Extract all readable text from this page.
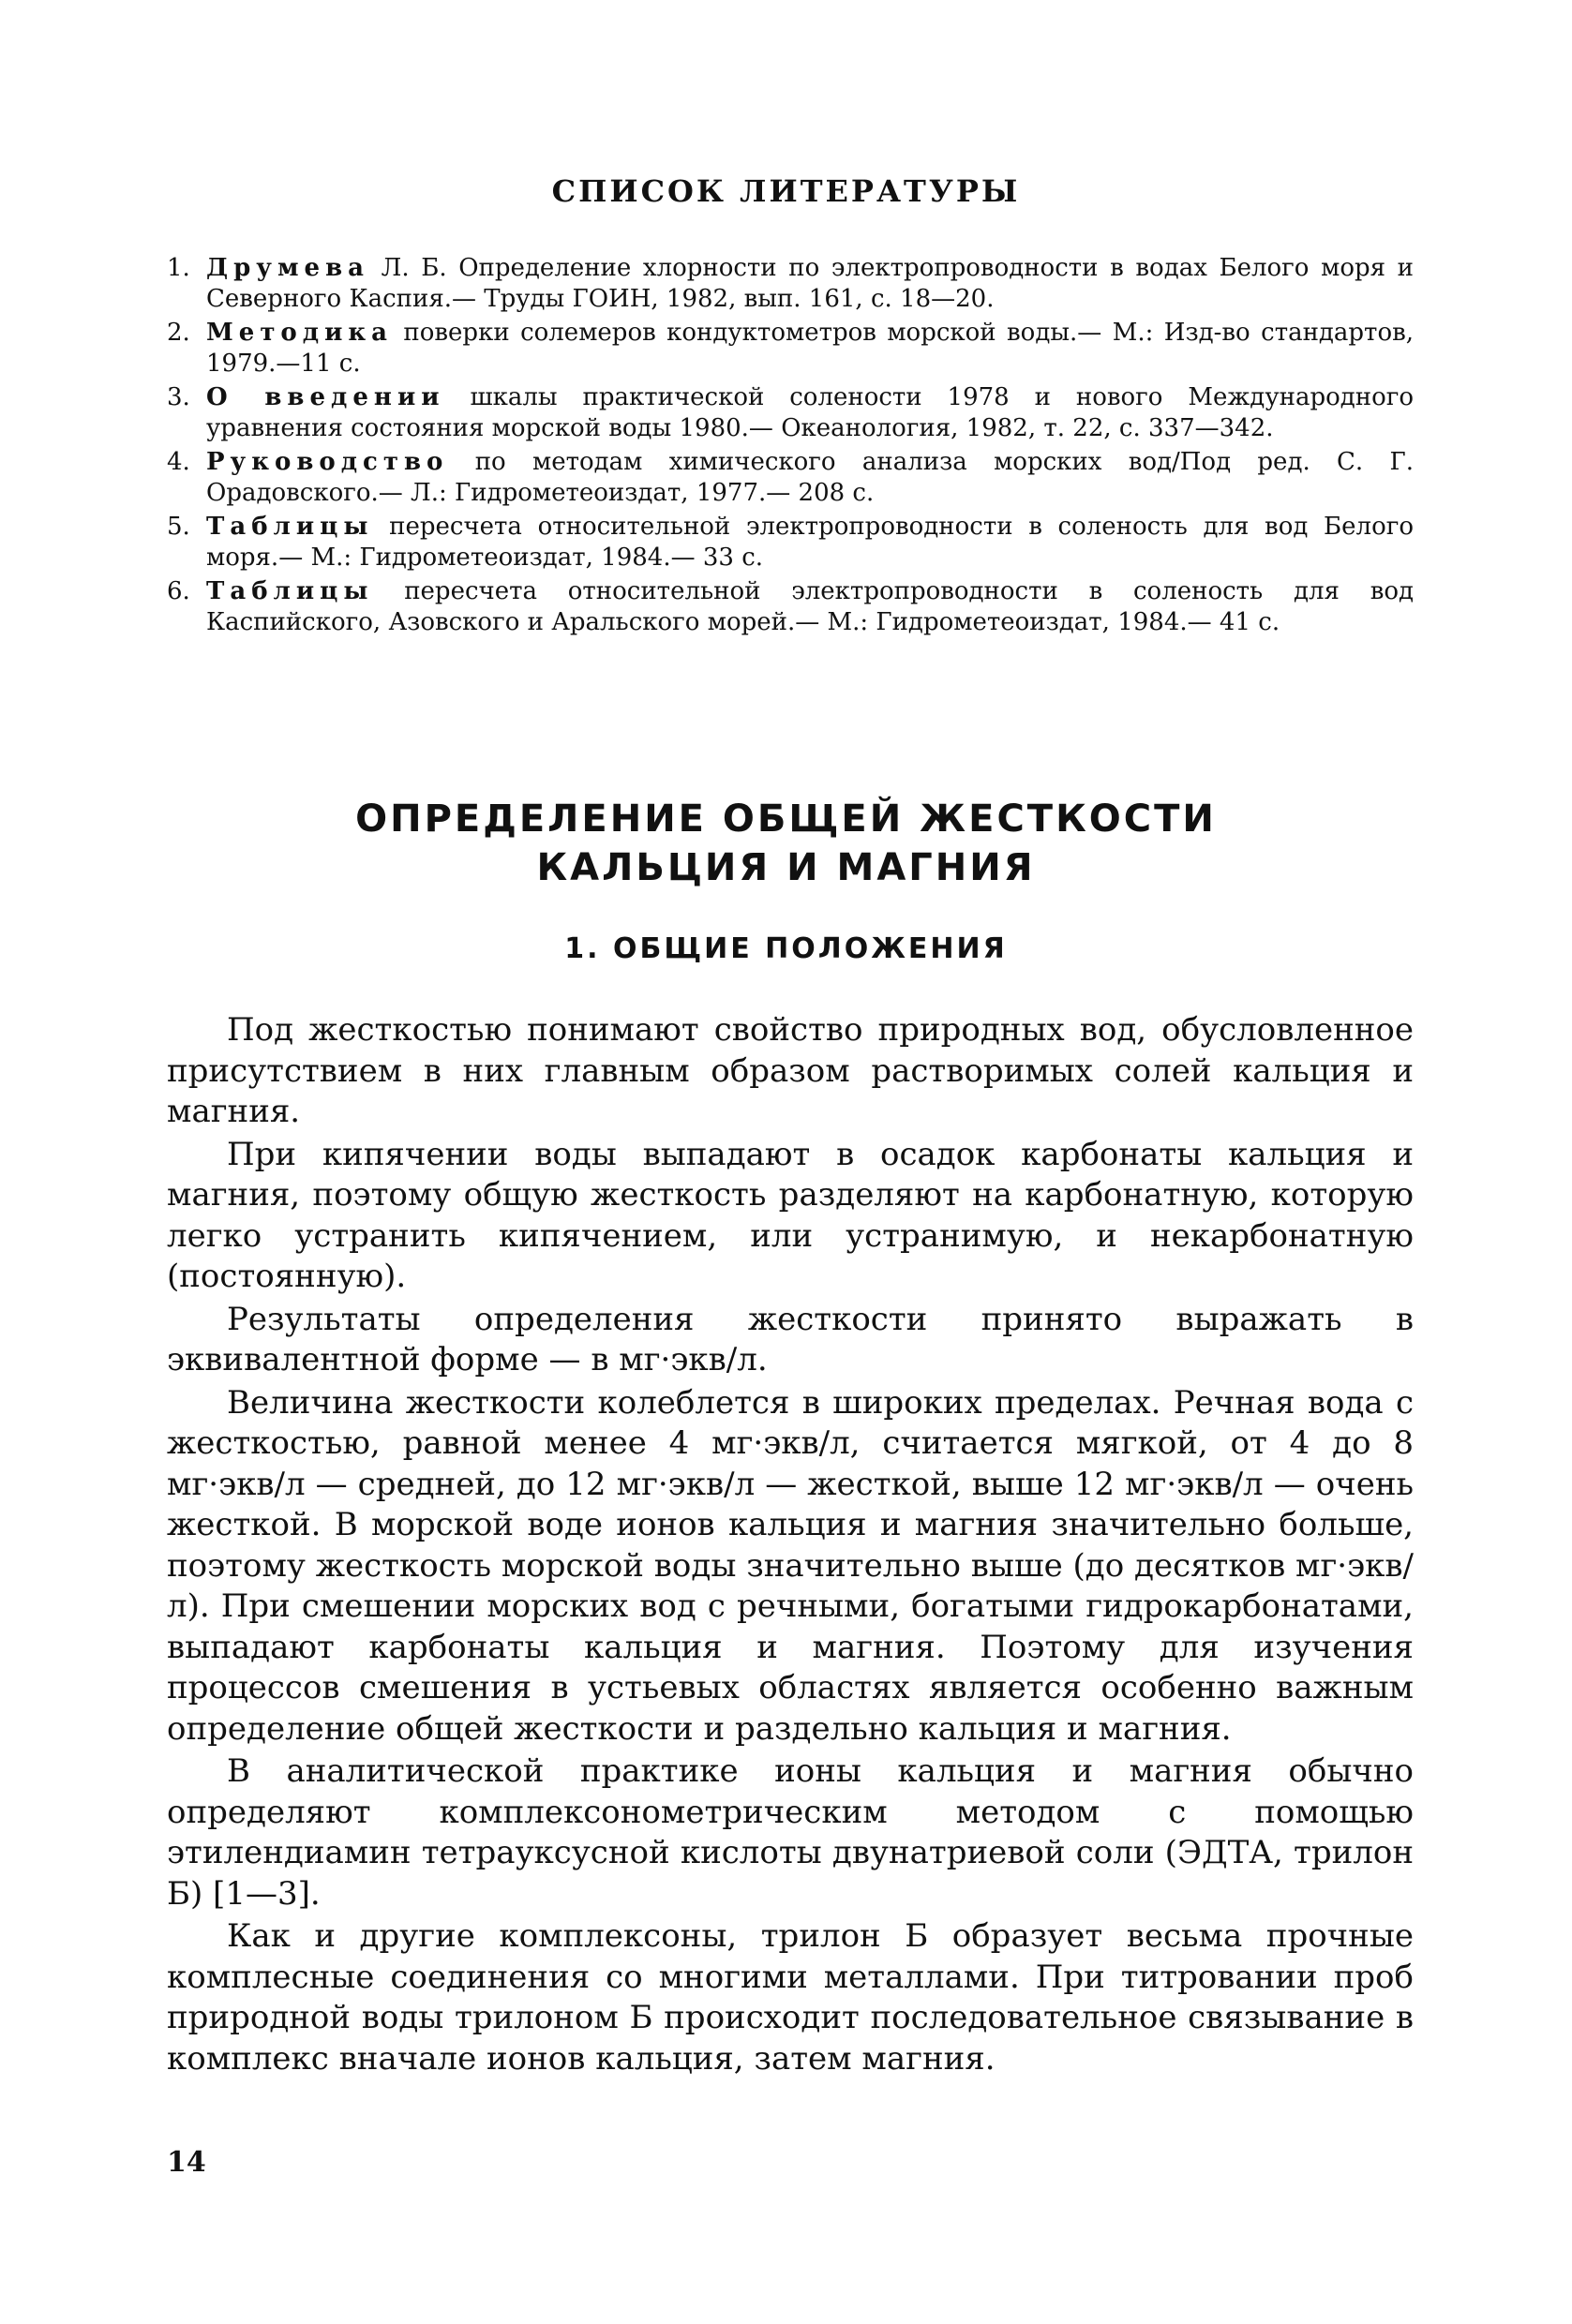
СПИСОК ЛИТЕРАТУРЫ
1. Друмева Л. Б. Определение хлорности по электропроводности в водах Белого моря и Северного Каспия.— Труды ГОИН, 1982, вып. 161, с. 18—20.
2. Методика поверки солемеров кондуктометров морской воды.— М.: Изд-во стандартов, 1979.—11 с.
3. О введении шкалы практической солености 1978 и нового Международного уравнения состояния морской воды 1980.— Океанология, 1982, т. 22, с. 337—342.
4. Руководство по методам химического анализа морских вод/Под ред. С. Г. Орадовского.— Л.: Гидрометеоиздат, 1977.— 208 с.
5. Таблицы пересчета относительной электропроводности в соленость для вод Белого моря.— М.: Гидрометеоиздат, 1984.— 33 с.
6. Таблицы пересчета относительной электропроводности в соленость для вод Каспийского, Азовского и Аральского морей.— М.: Гидрометеоиздат, 1984.— 41 с.
ОПРЕДЕЛЕНИЕ ОБЩЕЙ ЖЕСТКОСТИ
КАЛЬЦИЯ И МАГНИЯ
1. ОБЩИЕ ПОЛОЖЕНИЯ

Под жесткостью понимают свойство природных вод, обусловленное присутствием в них главным образом растворимых солей кальция и магния.

При кипячении воды выпадают в осадок карбонаты кальция и магния, поэтому общую жесткость разделяют на карбонатную, которую легко устранить кипячением, или устранимую, и некарбонатную (постоянную).

Результаты определения жесткости принято выражать в эквивалентной форме — в мг·экв/л.

Величина жесткости колеблется в широких пределах. Речная вода с жесткостью, равной менее 4 мг·экв/л, считается мягкой, от 4 до 8 мг·экв/л — средней, до 12 мг·экв/л — жесткой, выше 12 мг·экв/л — очень жесткой. В морской воде ионов кальция и магния значительно больше, поэтому жесткость морской воды значительно выше (до десятков мг·экв/л). При смешении морских вод с речными, богатыми гидрокарбонатами, выпадают карбонаты кальция и магния. Поэтому для изучения процессов смешения в устьевых областях является особенно важным определение общей жесткости и раздельно кальция и магния.

В аналитической практике ионы кальция и магния обычно определяют комплексонометрическим методом с помощью этилендиамин тетрауксусной кислоты двунатриевой соли (ЭДТА, трилон Б) [1—3].

Как и другие комплексоны, трилон Б образует весьма прочные комплесные соединения со многими металлами. При титровании проб природной воды трилоном Б происходит последовательное связывание в комплекс вначале ионов кальция, затем магния.

14
